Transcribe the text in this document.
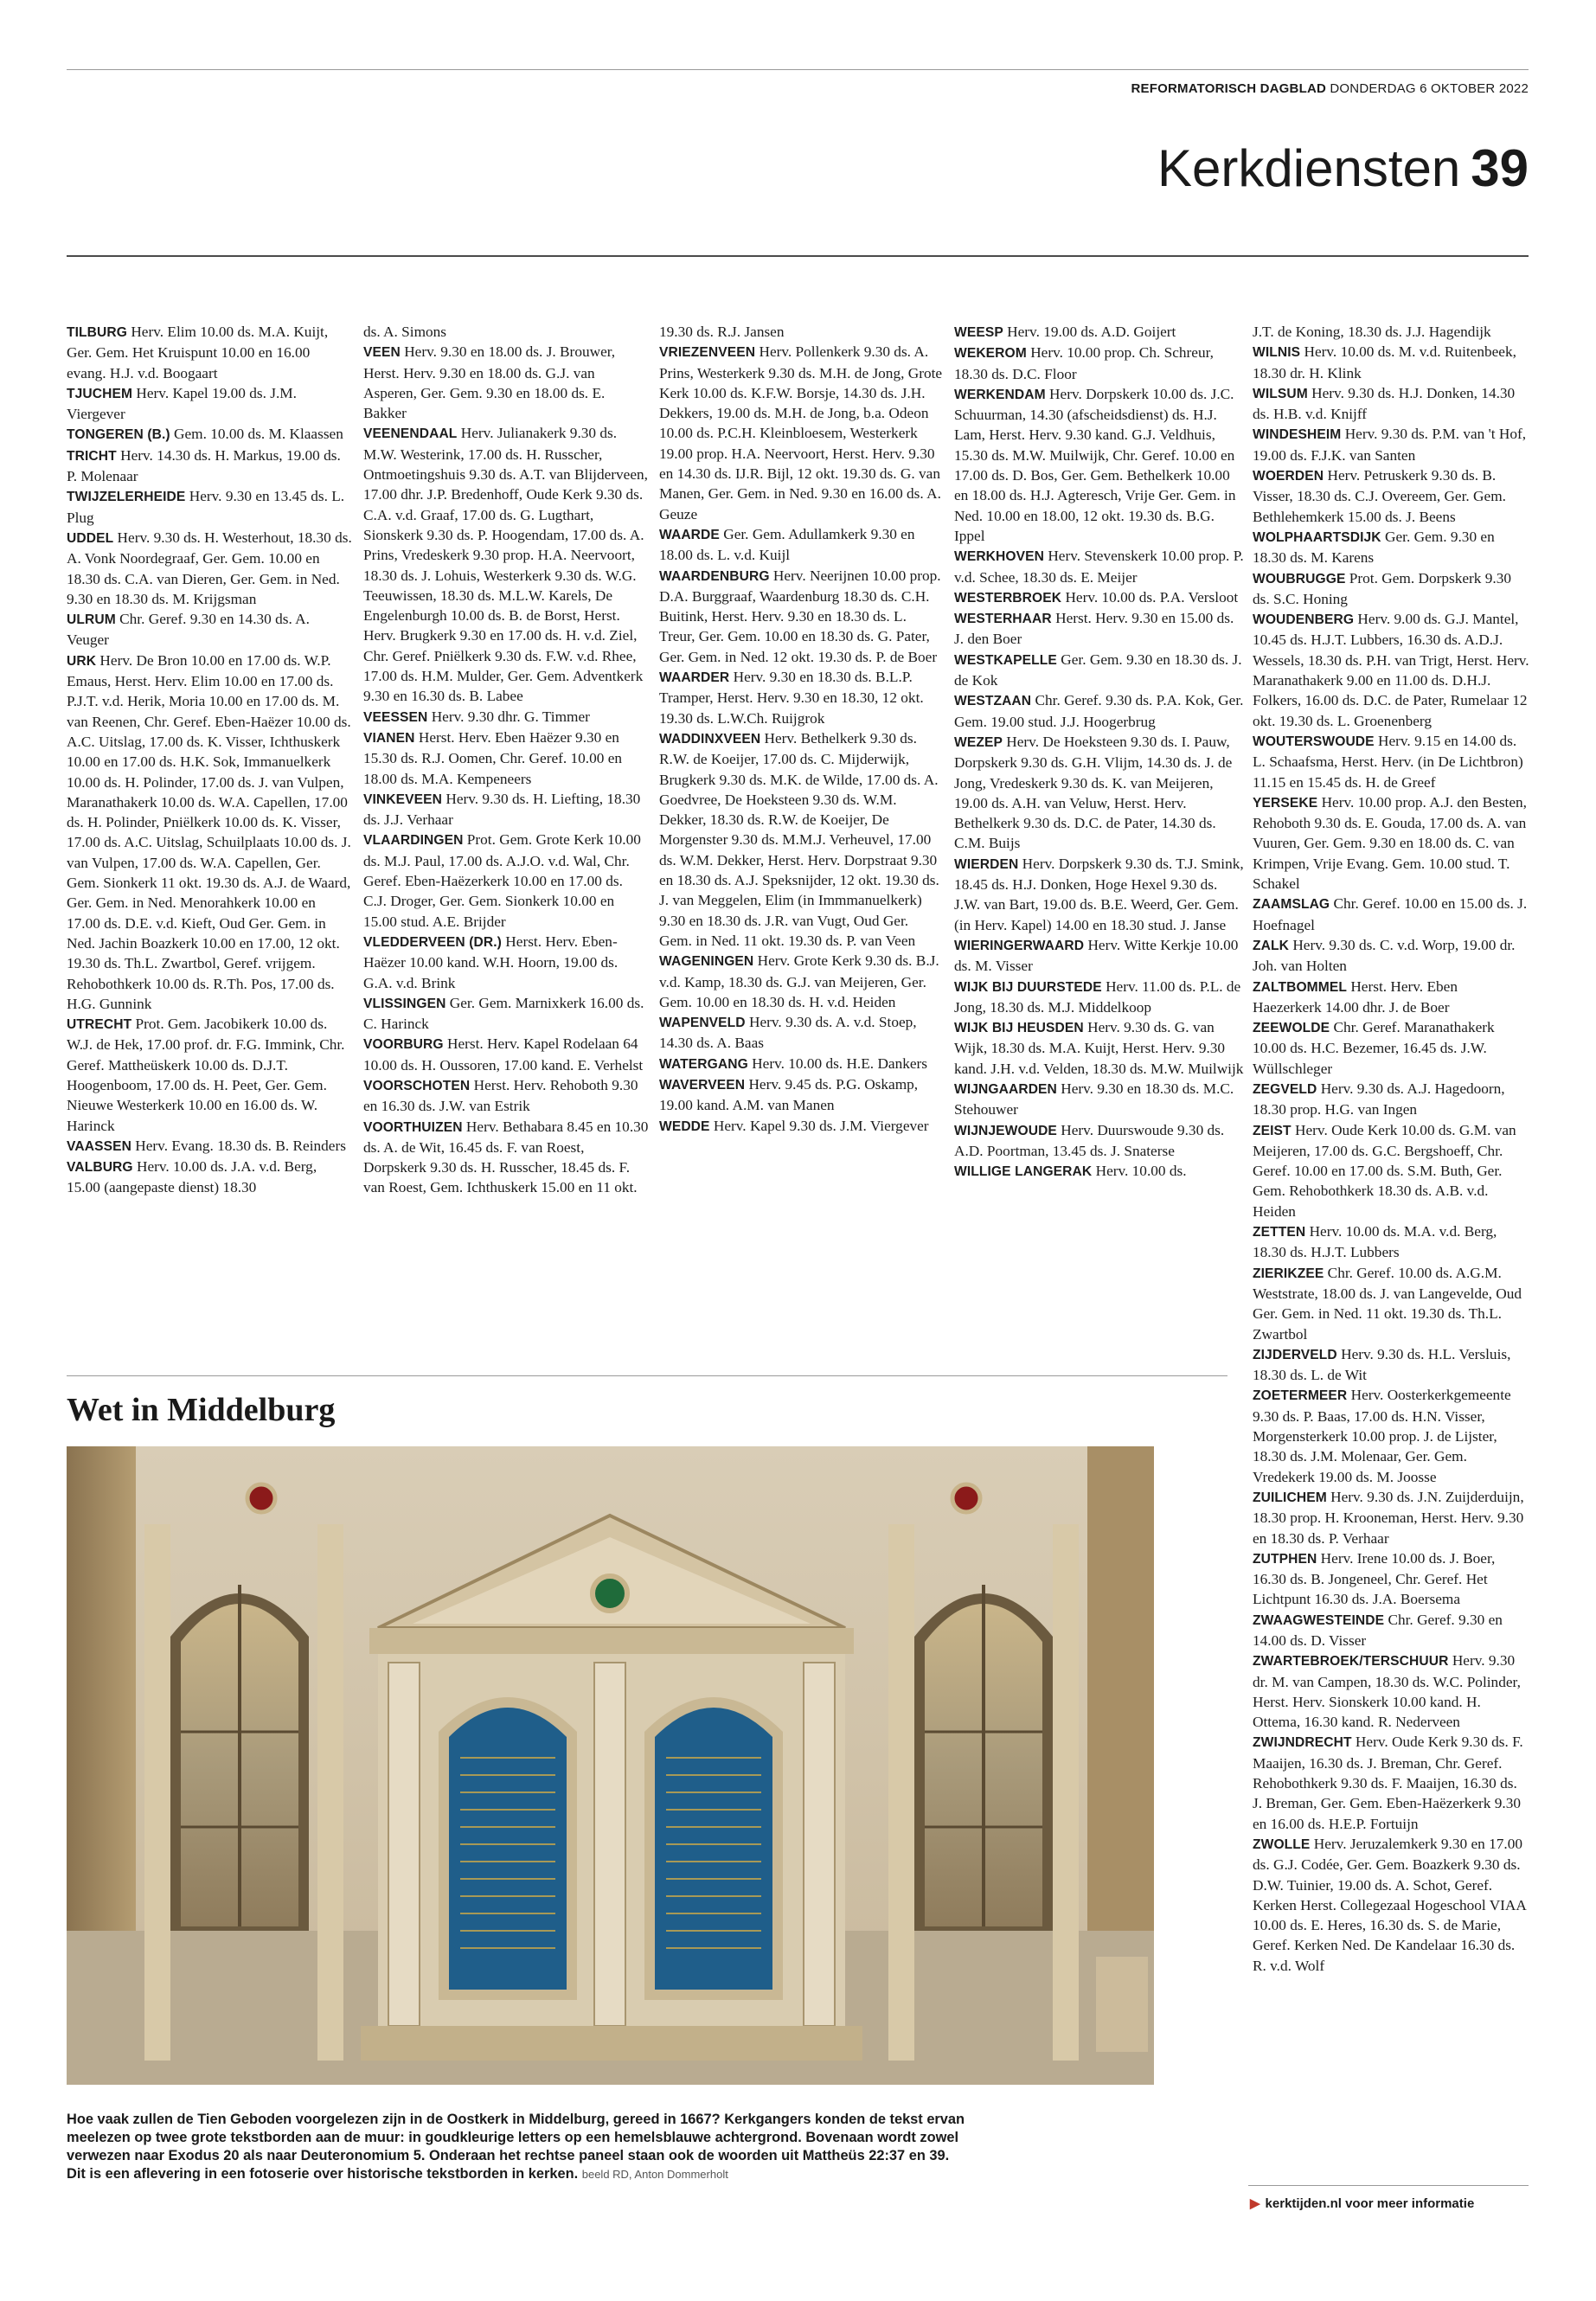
REFORMATORISCH DAGBLAD DONDERDAG 6 OKTOBER 2022
Kerkdiensten 39

TILBURG Herv. Elim 10.00 ds. M.A. Kuijt, Ger. Gem. Het Kruispunt 10.00 en 16.00 evang. H.J. v.d. Boogaart

TJUCHEM Herv. Kapel 19.00 ds. J.M. Viergever

TONGEREN (B.) Gem. 10.00 ds. M. Klaassen

TRICHT Herv. 14.30 ds. H. Markus, 19.00 ds. P. Molenaar

TWIJZELERHEIDE Herv. 9.30 en 13.45 ds. L. Plug

UDDEL Herv. 9.30 ds. H. Westerhout, 18.30 ds. A. Vonk Noordegraaf, Ger. Gem. 10.00 en 18.30 ds. C.A. van Dieren, Ger. Gem. in Ned. 9.30 en 18.30 ds. M. Krijgsman

ULRUM Chr. Geref. 9.30 en 14.30 ds. A. Veuger

URK Herv. De Bron 10.00 en 17.00 ds. W.P. Emaus, Herst. Herv. Elim 10.00 en 17.00 ds. P.J.T. v.d. Herik, Moria 10.00 en 17.00 ds. M. van Reenen, Chr. Geref. Eben-Haëzer 10.00 ds. A.C. Uitslag, 17.00 ds. K. Visser, Ichthuskerk 10.00 en 17.00 ds. H.K. Sok, Immanuelkerk 10.00 ds. H. Polinder, 17.00 ds. J. van Vulpen, Maranathakerk 10.00 ds. W.A. Capellen, 17.00 ds. H. Polinder, Pniëlkerk 10.00 ds. K. Visser, 17.00 ds. A.C. Uitslag, Schuilplaats 10.00 ds. J. van Vulpen, 17.00 ds. W.A. Capellen, Ger. Gem. Sionkerk 11 okt. 19.30 ds. A.J. de Waard, Ger. Gem. in Ned. Menorahkerk 10.00 en 17.00 ds. D.E. v.d. Kieft, Oud Ger. Gem. in Ned. Jachin Boazkerk 10.00 en 17.00, 12 okt. 19.30 ds. Th.L. Zwartbol, Geref. vrijgem. Rehobothkerk 10.00 ds. R.Th. Pos, 17.00 ds. H.G. Gunnink

UTRECHT Prot. Gem. Jacobikerk 10.00 ds. W.J. de Hek, 17.00 prof. dr. F.G. Immink, Chr. Geref. Mattheüskerk 10.00 ds. D.J.T. Hoogenboom, 17.00 ds. H. Peet, Ger. Gem. Nieuwe Westerkerk 10.00 en 16.00 ds. W. Harinck

VAASSEN Herv. Evang. 18.30 ds. B. Reinders

VALBURG Herv. 10.00 ds. J.A. v.d. Berg, 15.00 (aangepaste dienst) 18.30

ds. A. Simons

VEEN Herv. 9.30 en 18.00 ds. J. Brouwer, Herst. Herv. 9.30 en 18.00 ds. G.J. van Asperen, Ger. Gem. 9.30 en 18.00 ds. E. Bakker

VEENENDAAL Herv. Julianakerk 9.30 ds. M.W. Westerink, 17.00 ds. H. Russcher, Ontmoetingshuis 9.30 ds. A.T. van Blijderveen, 17.00 dhr. J.P. Bredenhoff, Oude Kerk 9.30 ds. C.A. v.d. Graaf, 17.00 ds. G. Lugthart, Sionskerk 9.30 ds. P. Hoogendam, 17.00 ds. A. Prins, Vredeskerk 9.30 prop. H.A. Neervoort, 18.30 ds. J. Lohuis, Westerkerk 9.30 ds. W.G. Teeuwissen, 18.30 ds. M.L.W. Karels, De Engelenburgh 10.00 ds. B. de Borst, Herst. Herv. Brugkerk 9.30 en 17.00 ds. H. v.d. Ziel, Chr. Geref. Pniëlkerk 9.30 ds. F.W. v.d. Rhee, 17.00 ds. H.M. Mulder, Ger. Gem. Adventkerk 9.30 en 16.30 ds. B. Labee

VEESSEN Herv. 9.30 dhr. G. Timmer

VIANEN Herst. Herv. Eben Haëzer 9.30 en 15.30 ds. R.J. Oomen, Chr. Geref. 10.00 en 18.00 ds. M.A. Kempeneers

VINKEVEEN Herv. 9.30 ds. H. Liefting, 18.30 ds. J.J. Verhaar

VLAARDINGEN Prot. Gem. Grote Kerk 10.00 ds. M.J. Paul, 17.00 ds. A.J.O. v.d. Wal, Chr. Geref. Eben-Haëzerkerk 10.00 en 17.00 ds. C.J. Droger, Ger. Gem. Sionkerk 10.00 en 15.00 stud. A.E. Brijder

VLEDDERVEEN (DR.) Herst. Herv. Eben-Haëzer 10.00 kand. W.H. Hoorn, 19.00 ds. G.A. v.d. Brink

VLISSINGEN Ger. Gem. Marnixkerk 16.00 ds. C. Harinck

VOORBURG Herst. Herv. Kapel Rodelaan 64 10.00 ds. H. Oussoren, 17.00 kand. E. Verhelst

VOORSCHOTEN Herst. Herv. Rehoboth 9.30 en 16.30 ds. J.W. van Estrik

VOORTHUIZEN Herv. Bethabara 8.45 en 10.30 ds. A. de Wit, 16.45 ds. F. van Roest, Dorpskerk 9.30 ds. H. Russcher, 18.45 ds. F. van Roest, Gem. Ichthuskerk 15.00 en 11 okt.

19.30 ds. R.J. Jansen

VRIEZENVEEN Herv. Pollenkerk 9.30 ds. A. Prins, Westerkerk 9.30 ds. M.H. de Jong, Grote Kerk 10.00 ds. K.F.W. Borsje, 14.30 ds. J.H. Dekkers, 19.00 ds. M.H. de Jong, b.a. Odeon 10.00 ds. P.C.H. Kleinbloesem, Westerkerk 19.00 prop. H.A. Neervoort, Herst. Herv. 9.30 en 14.30 ds. IJ.R. Bijl, 12 okt. 19.30 ds. G. van Manen, Ger. Gem. in Ned. 9.30 en 16.00 ds. A. Geuze

WAARDE Ger. Gem. Adullamkerk 9.30 en 18.00 ds. L. v.d. Kuijl

WAARDENBURG Herv. Neerijnen 10.00 prop. D.A. Burggraaf, Waardenburg 18.30 ds. C.H. Buitink, Herst. Herv. 9.30 en 18.30 ds. L. Treur, Ger. Gem. 10.00 en 18.30 ds. G. Pater, Ger. Gem. in Ned. 12 okt. 19.30 ds. P. de Boer

WAARDER Herv. 9.30 en 18.30 ds. B.L.P. Tramper, Herst. Herv. 9.30 en 18.30, 12 okt. 19.30 ds. L.W.Ch. Ruijgrok

WADDINXVEEN Herv. Bethelkerk 9.30 ds. R.W. de Koeijer, 17.00 ds. C. Mijderwijk, Brugkerk 9.30 ds. M.K. de Wilde, 17.00 ds. A. Goedvree, De Hoeksteen 9.30 ds. W.M. Dekker, 18.30 ds. R.W. de Koeijer, De Morgenster 9.30 ds. M.M.J. Verheuvel, 17.00 ds. W.M. Dekker, Herst. Herv. Dorpstraat 9.30 en 18.30 ds. A.J. Speksnijder, 12 okt. 19.30 ds. J. van Meggelen, Elim (in Immmanuelkerk) 9.30 en 18.30 ds. J.R. van Vugt, Oud Ger. Gem. in Ned. 11 okt. 19.30 ds. P. van Veen

WAGENINGEN Herv. Grote Kerk 9.30 ds. B.J. v.d. Kamp, 18.30 ds. G.J. van Meijeren, Ger. Gem. 10.00 en 18.30 ds. H. v.d. Heiden

WAPENVELD Herv. 9.30 ds. A. v.d. Stoep, 14.30 ds. A. Baas

WATERGANG Herv. 10.00 ds. H.E. Dankers

WAVERVEEN Herv. 9.45 ds. P.G. Oskamp, 19.00 kand. A.M. van Manen

WEDDE Herv. Kapel 9.30 ds. J.M. Viergever

WEESP Herv. 19.00 ds. A.D. Goijert

WEKEROM Herv. 10.00 prop. Ch. Schreur, 18.30 ds. D.C. Floor

WERKENDAM Herv. Dorpskerk 10.00 ds. J.C. Schuurman, 14.30 (afscheidsdienst) ds. H.J. Lam, Herst. Herv. 9.30 kand. G.J. Veldhuis, 15.30 ds. M.W. Muilwijk, Chr. Geref. 10.00 en 17.00 ds. D. Bos, Ger. Gem. Bethelkerk 10.00 en 18.00 ds. H.J. Agteresch, Vrije Ger. Gem. in Ned. 10.00 en 18.00, 12 okt. 19.30 ds. B.G. Ippel

WERKHOVEN Herv. Stevenskerk 10.00 prop. P. v.d. Schee, 18.30 ds. E. Meijer

WESTERBROEK Herv. 10.00 ds. P.A. Versloot

WESTERHAAR Herst. Herv. 9.30 en 15.00 ds. J. den Boer

WESTKAPELLE Ger. Gem. 9.30 en 18.30 ds. J. de Kok

WESTZAAN Chr. Geref. 9.30 ds. P.A. Kok, Ger. Gem. 19.00 stud. J.J. Hoogerbrug

WEZEP Herv. De Hoeksteen 9.30 ds. I. Pauw, Dorpskerk 9.30 ds. G.H. Vlijm, 14.30 ds. J. de Jong, Vredeskerk 9.30 ds. K. van Meijeren, 19.00 ds. A.H. van Veluw, Herst. Herv. Bethelkerk 9.30 ds. D.C. de Pater, 14.30 ds. C.M. Buijs

WIERDEN Herv. Dorpskerk 9.30 ds. T.J. Smink, 18.45 ds. H.J. Donken, Hoge Hexel 9.30 ds. J.W. van Bart, 19.00 ds. B.E. Weerd, Ger. Gem. (in Herv. Kapel) 14.00 en 18.30 stud. J. Janse

WIERINGERWAARD Herv. Witte Kerkje 10.00 ds. M. Visser

WIJK BIJ DUURSTEDE Herv. 11.00 ds. P.L. de Jong, 18.30 ds. M.J. Middelkoop

WIJK BIJ HEUSDEN Herv. 9.30 ds. G. van Wijk, 18.30 ds. M.A. Kuijt, Herst. Herv. 9.30 kand. J.H. v.d. Velden, 18.30 ds. M.W. Muilwijk

WIJNGAARDEN Herv. 9.30 en 18.30 ds. M.C. Stehouwer

WIJNJEWOUDE Herv. Duurswoude 9.30 ds. A.D. Poortman, 13.45 ds. J. Snaterse

WILLIGE LANGERAK Herv. 10.00 ds.

J.T. de Koning, 18.30 ds. J.J. Hagendijk

WILNIS Herv. 10.00 ds. M. v.d. Ruitenbeek, 18.30 dr. H. Klink

WILSUM Herv. 9.30 ds. H.J. Donken, 14.30 ds. H.B. v.d. Knijff

WINDESHEIM Herv. 9.30 ds. P.M. van 't Hof, 19.00 ds. F.J.K. van Santen

WOERDEN Herv. Petruskerk 9.30 ds. B. Visser, 18.30 ds. C.J. Overeem, Ger. Gem. Bethlehemkerk 15.00 ds. J. Beens

WOLPHAARTSDIJK Ger. Gem. 9.30 en 18.30 ds. M. Karens

WOUBRUGGE Prot. Gem. Dorpskerk 9.30 ds. S.C. Honing

WOUDENBERG Herv. 9.00 ds. G.J. Mantel, 10.45 ds. H.J.T. Lubbers, 16.30 ds. A.D.J. Wessels, 18.30 ds. P.H. van Trigt, Herst. Herv. Maranathakerk 9.00 en 11.00 ds. D.H.J. Folkers, 16.00 ds. D.C. de Pater, Rumelaar 12 okt. 19.30 ds. L. Groenenberg

WOUTERSWOUDE Herv. 9.15 en 14.00 ds. L. Schaafsma, Herst. Herv. (in De Lichtbron) 11.15 en 15.45 ds. H. de Greef

YERSEKE Herv. 10.00 prop. A.J. den Besten, Rehoboth 9.30 ds. E. Gouda, 17.00 ds. A. van Vuuren, Ger. Gem. 9.30 en 18.00 ds. C. van Krimpen, Vrije Evang. Gem. 10.00 stud. T. Schakel

ZAAMSLAG Chr. Geref. 10.00 en 15.00 ds. J. Hoefnagel

ZALK Herv. 9.30 ds. C. v.d. Worp, 19.00 dr. Joh. van Holten

ZALTBOMMEL Herst. Herv. Eben Haezerkerk 14.00 dhr. J. de Boer

ZEEWOLDE Chr. Geref. Maranathakerk 10.00 ds. H.C. Bezemer, 16.45 ds. J.W. Wüllschleger

ZEGVELD Herv. 9.30 ds. A.J. Hagedoorn, 18.30 prop. H.G. van Ingen

ZEIST Herv. Oude Kerk 10.00 ds. G.M. van Meijeren, 17.00 ds. G.C. Bergshoeff, Chr. Geref. 10.00 en 17.00 ds. S.M. Buth, Ger. Gem. Rehobothkerk 18.30 ds. A.B. v.d. Heiden

ZETTEN Herv. 10.00 ds. M.A. v.d. Berg, 18.30 ds. H.J.T. Lubbers

ZIERIKZEE Chr. Geref. 10.00 ds. A.G.M. Weststrate, 18.00 ds. J. van Langevelde, Oud Ger. Gem. in Ned. 11 okt. 19.30 ds. Th.L. Zwartbol

ZIJDERVELD Herv. 9.30 ds. H.L. Versluis, 18.30 ds. L. de Wit

ZOETERMEER Herv. Oosterkerkgemeente 9.30 ds. P. Baas, 17.00 ds. H.N. Visser, Morgensterkerk 10.00 prop. J. de Lijster, 18.30 ds. J.M. Molenaar, Ger. Gem. Vredekerk 19.00 ds. M. Joosse

ZUILICHEM Herv. 9.30 ds. J.N. Zuijderduijn, 18.30 prop. H. Krooneman, Herst. Herv. 9.30 en 18.30 ds. P. Verhaar

ZUTPHEN Herv. Irene 10.00 ds. J. Boer, 16.30 ds. B. Jongeneel, Chr. Geref. Het Lichtpunt 16.30 ds. J.A. Boersema

ZWAAGWESTEINDE Chr. Geref. 9.30 en 14.00 ds. D. Visser

ZWARTEBROEK/TERSCHUUR Herv. 9.30 dr. M. van Campen, 18.30 ds. W.C. Polinder, Herst. Herv. Sionskerk 10.00 kand. H. Ottema, 16.30 kand. R. Nederveen

ZWIJNDRECHT Herv. Oude Kerk 9.30 ds. F. Maaijen, 16.30 ds. J. Breman, Chr. Geref. Rehobothkerk 9.30 ds. F. Maaijen, 16.30 ds. J. Breman, Ger. Gem. Eben-Haëzerkerk 9.30 en 16.00 ds. H.E.P. Fortuijn

ZWOLLE Herv. Jeruzalemkerk 9.30 en 17.00 ds. G.J. Codée, Ger. Gem. Boazkerk 9.30 ds. D.W. Tuinier, 19.00 ds. A. Schot, Geref. Kerken Herst. Collegezaal Hogeschool VIAA 10.00 ds. E. Heres, 16.30 ds. S. de Marie, Geref. Kerken Ned. De Kandelaar 16.30 ds. R. v.d. Wolf

Wet in Middelburg

Hoe vaak zullen de Tien Geboden voorgelezen zijn in de Oostkerk in Middelburg, gereed in 1667? Kerkgangers konden de tekst ervan meelezen op twee grote tekstborden aan de muur: in goudkleurige letters op een hemelsblauwe achtergrond. Bovenaan wordt zowel verwezen naar Exodus 20 als naar Deuteronomium 5. Onderaan het rechtse paneel staan ook de woorden uit Mattheüs 22:37 en 39.

Dit is een aflevering in een fotoserie over historische tekstborden in kerken. beeld RD, Anton Dommerholt

▶ kerktijden.nl voor meer informatie
